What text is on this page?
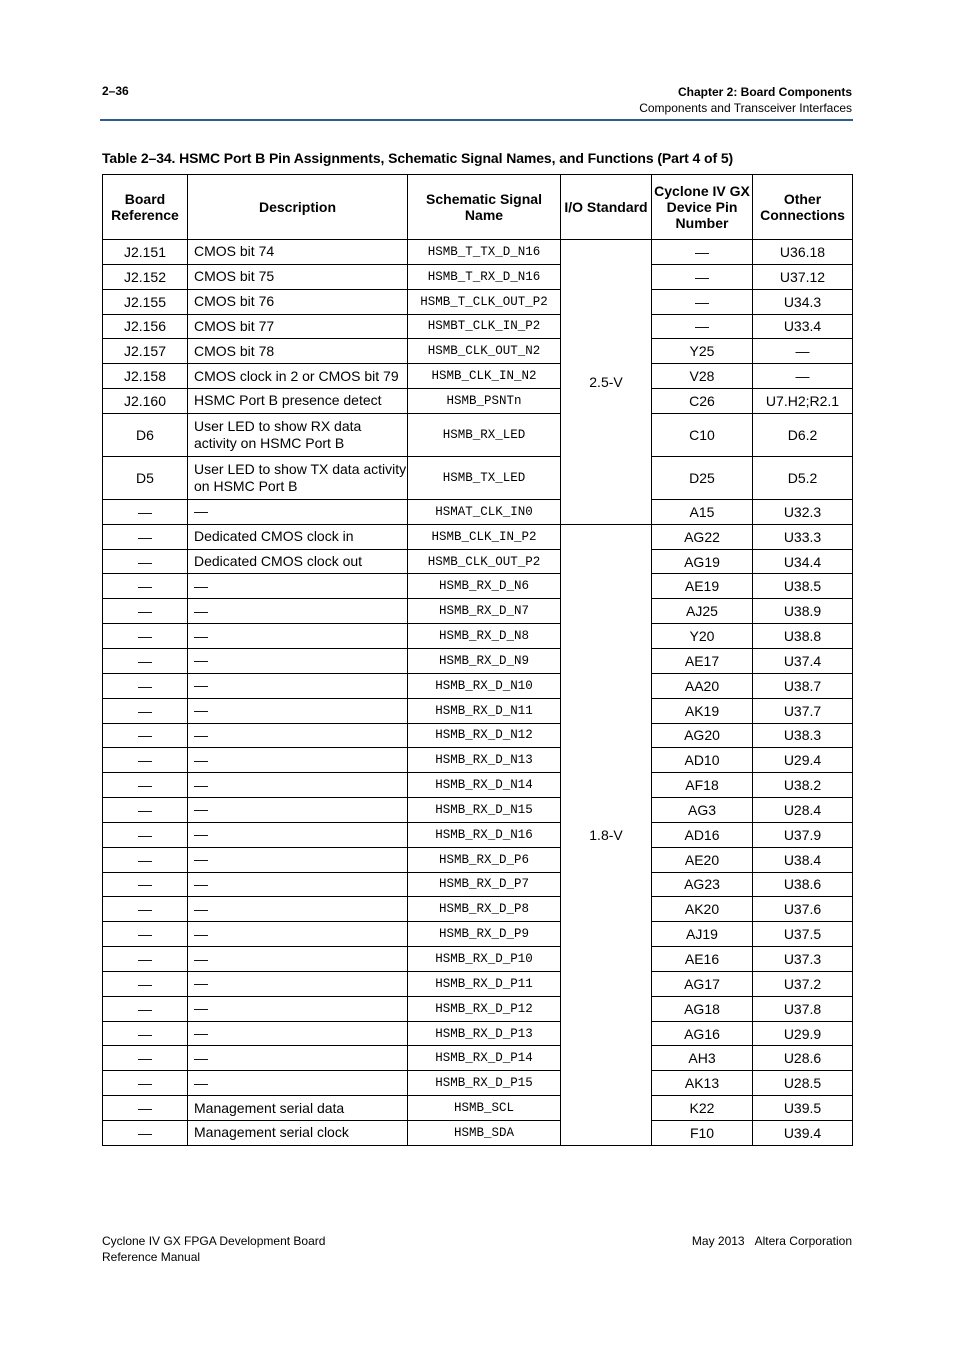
2–36	Chapter 2: Board Components
Components and Transceiver Interfaces
Table 2–34. HSMC Port B Pin Assignments, Schematic Signal Names, and Functions (Part 4 of 5)
Board Reference	Description	Schematic Signal Name	I/O Standard	Cyclone IV GX Device Pin Number	Other Connections
J2.151	CMOS bit 74	HSMB_T_TX_D_N16	2.5-V	—	U36.18
J2.152	CMOS bit 75	HSMB_T_RX_D_N16		—	U37.12
J2.155	CMOS bit 76	HSMB_T_CLK_OUT_P2		—	U34.3
J2.156	CMOS bit 77	HSMBT_CLK_IN_P2		—	U33.4
J2.157	CMOS bit 78	HSMB_CLK_OUT_N2		Y25	—
J2.158	CMOS clock in 2 or CMOS bit 79	HSMB_CLK_IN_N2		V28	—
J2.160	HSMC Port B presence detect	HSMB_PSNTn		C26	U7.H2;R2.1
D6	User LED to show RX data activity on HSMC Port B	HSMB_RX_LED		C10	D6.2
D5	User LED to show TX data activity on HSMC Port B	HSMB_TX_LED		D25	D5.2
—	—	HSMAT_CLK_IN0		A15	U32.3
—	Dedicated CMOS clock in	HSMB_CLK_IN_P2	1.8-V	AG22	U33.3
—	Dedicated CMOS clock out	HSMB_CLK_OUT_P2		AG19	U34.4
—	—	HSMB_RX_D_N6		AE19	U38.5
—	—	HSMB_RX_D_N7		AJ25	U38.9
—	—	HSMB_RX_D_N8		Y20	U38.8
—	—	HSMB_RX_D_N9		AE17	U37.4
—	—	HSMB_RX_D_N10		AA20	U38.7
—	—	HSMB_RX_D_N11		AK19	U37.7
—	—	HSMB_RX_D_N12		AG20	U38.3
—	—	HSMB_RX_D_N13		AD10	U29.4
—	—	HSMB_RX_D_N14		AF18	U38.2
—	—	HSMB_RX_D_N15		AG3	U28.4
—	—	HSMB_RX_D_N16		AD16	U37.9
—	—	HSMB_RX_D_P6		AE20	U38.4
—	—	HSMB_RX_D_P7		AG23	U38.6
—	—	HSMB_RX_D_P8		AK20	U37.6
—	—	HSMB_RX_D_P9		AJ19	U37.5
—	—	HSMB_RX_D_P10		AE16	U37.3
—	—	HSMB_RX_D_P11		AG17	U37.2
—	—	HSMB_RX_D_P12		AG18	U37.8
—	—	HSMB_RX_D_P13		AG16	U29.9
—	—	HSMB_RX_D_P14		AH3	U28.6
—	—	HSMB_RX_D_P15		AK13	U28.5
—	Management serial data	HSMB_SCL		K22	U39.5
—	Management serial clock	HSMB_SDA		F10	U39.4
Cyclone IV GX FPGA Development Board
Reference Manual
May 2013 Altera Corporation
